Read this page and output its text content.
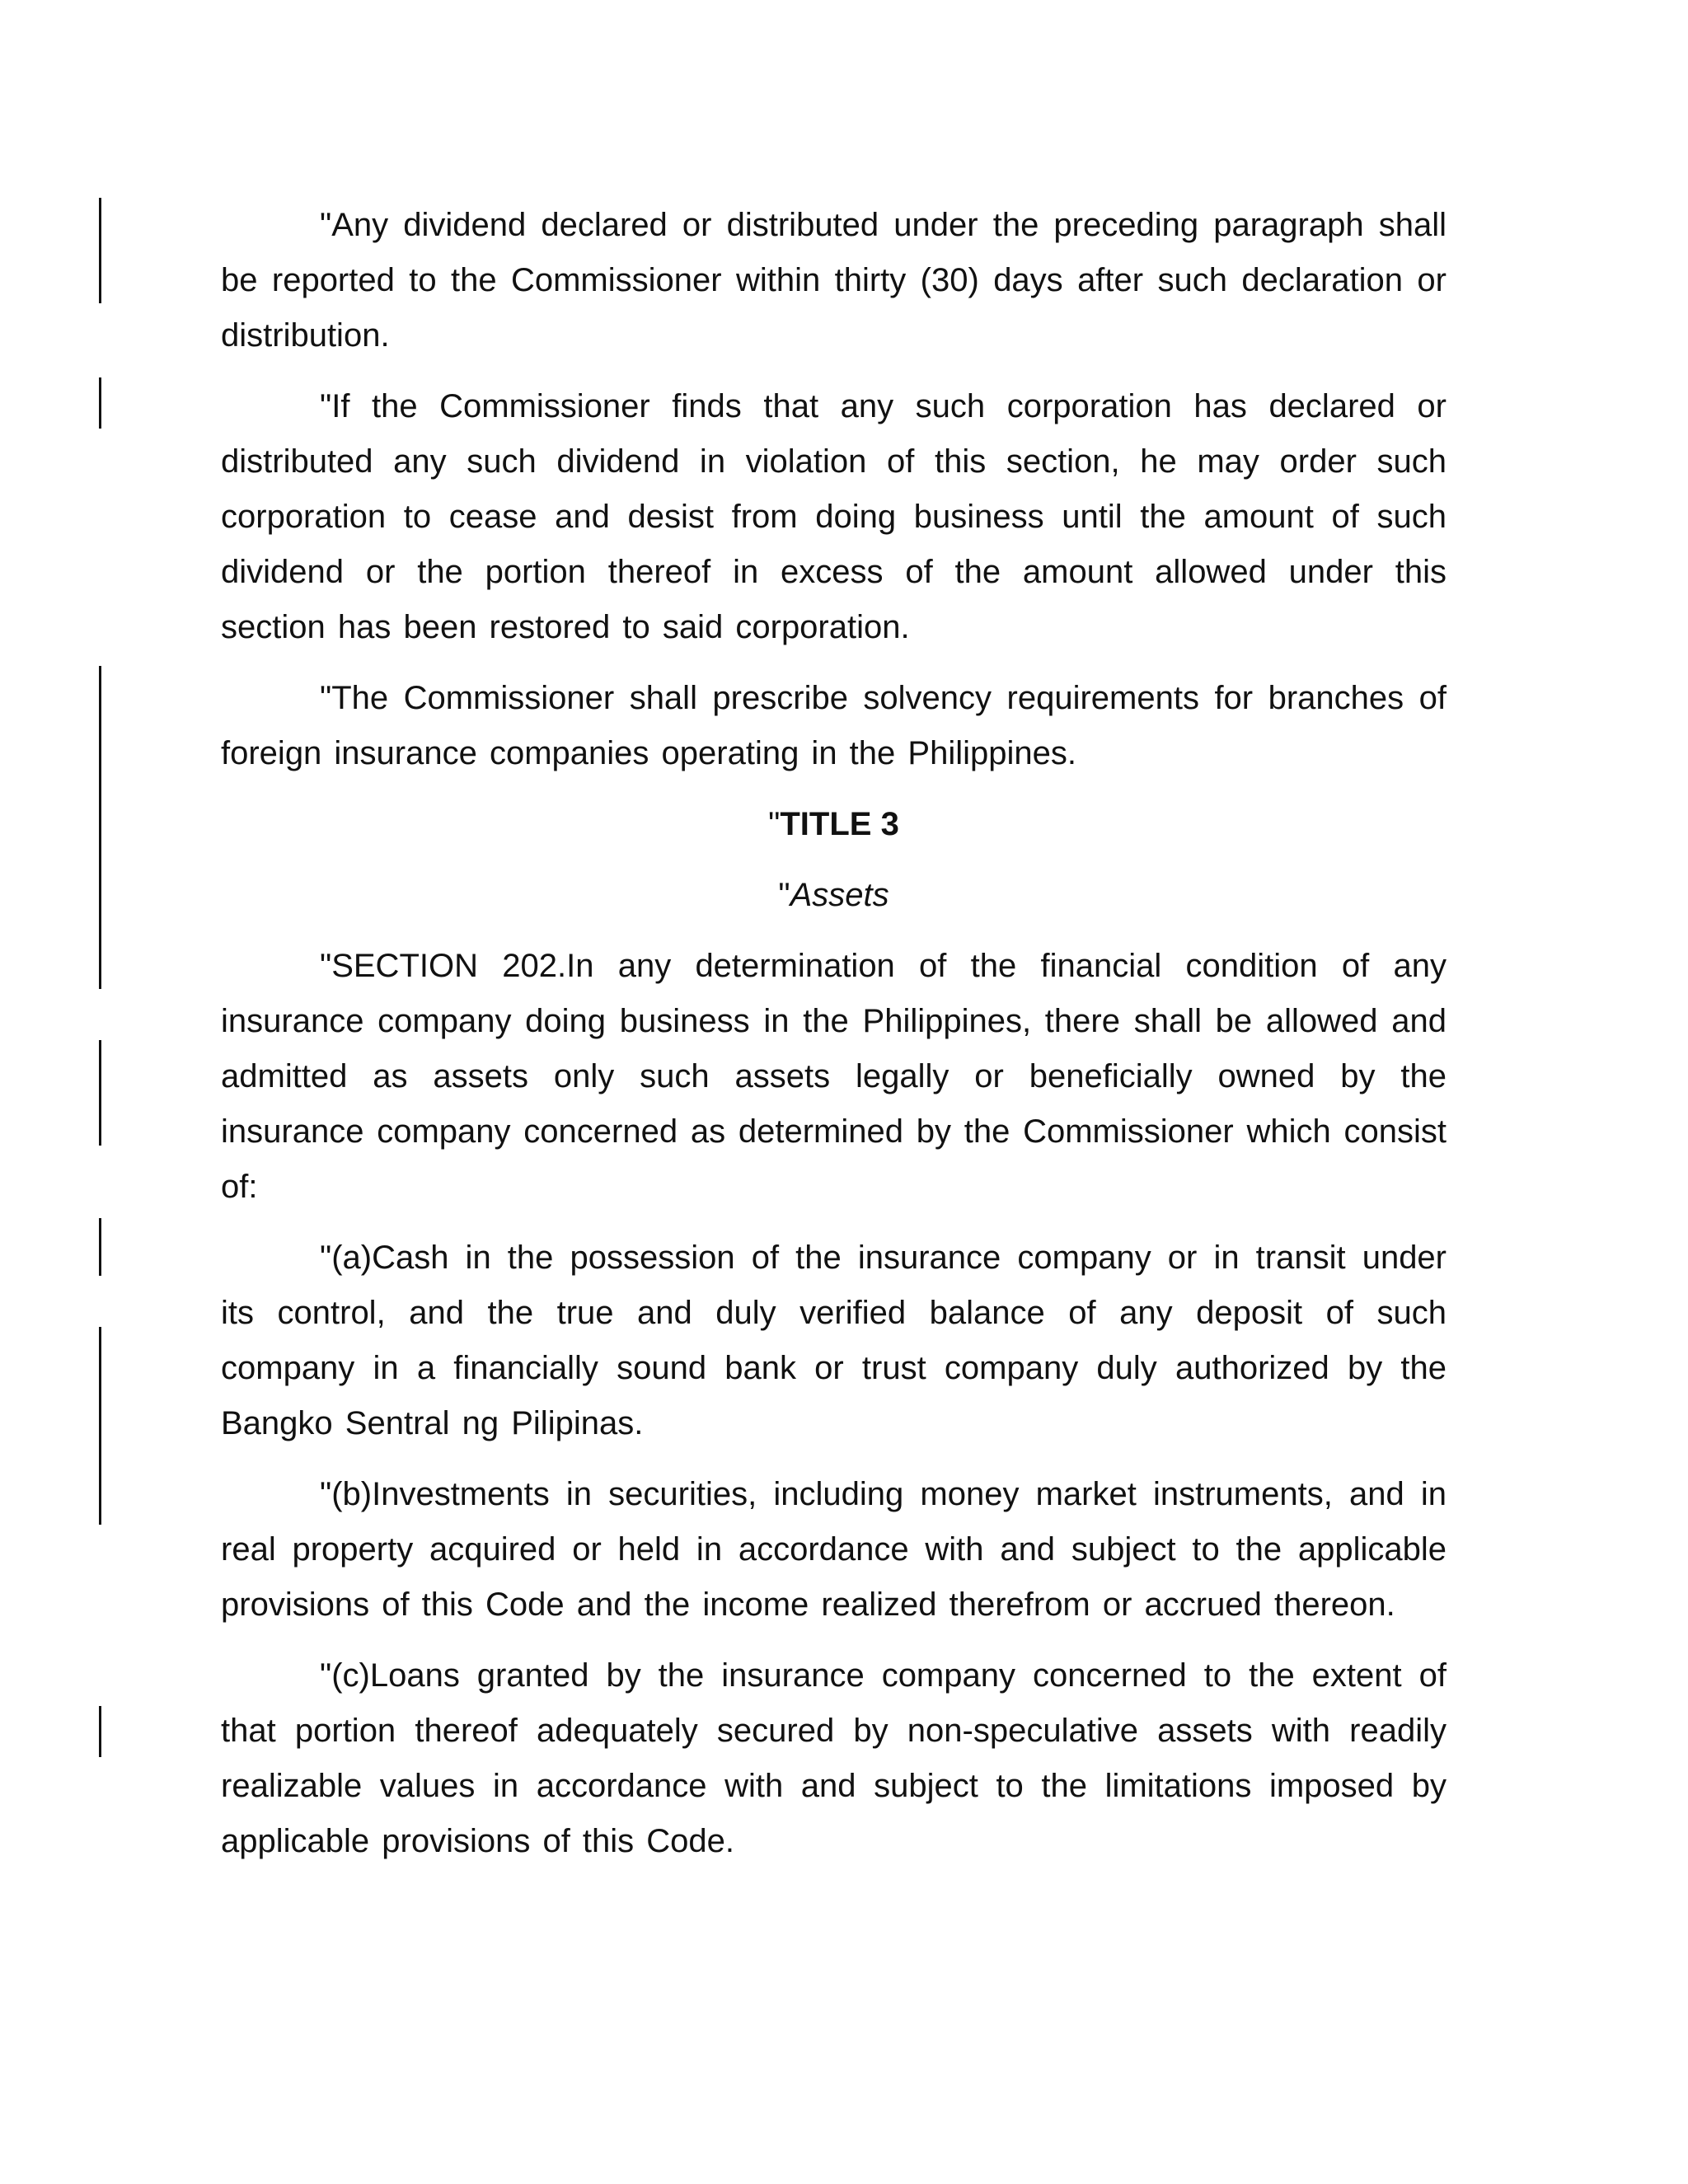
"Any dividend declared or distributed under the preceding paragraph shall be reported to the Commissioner within thirty (30) days after such declaration or distribution.

"If the Commissioner finds that any such corporation has declared or distributed any such dividend in violation of this section, he may order such corporation to cease and desist from doing business until the amount of such dividend or the portion thereof in excess of the amount allowed under this section has been restored to said corporation.

"The Commissioner shall prescribe solvency requirements for branches of foreign insurance companies operating in the Philippines.

"TITLE 3
"Assets

"SECTION 202.In any determination of the financial condition of any insurance company doing business in the Philippines, there shall be allowed and admitted as assets only such assets legally or beneficially owned by the insurance company concerned as determined by the Commissioner which consist of:

"(a)Cash in the possession of the insurance company or in transit under its control, and the true and duly verified balance of any deposit of such company in a financially sound bank or trust company duly authorized by the Bangko Sentral ng Pilipinas.

"(b)Investments in securities, including money market instruments, and in real property acquired or held in accordance with and subject to the applicable provisions of this Code and the income realized therefrom or accrued thereon.

"(c)Loans granted by the insurance company concerned to the extent of that portion thereof adequately secured by non-speculative assets with readily realizable values in accordance with and subject to the limitations imposed by applicable provisions of this Code.
